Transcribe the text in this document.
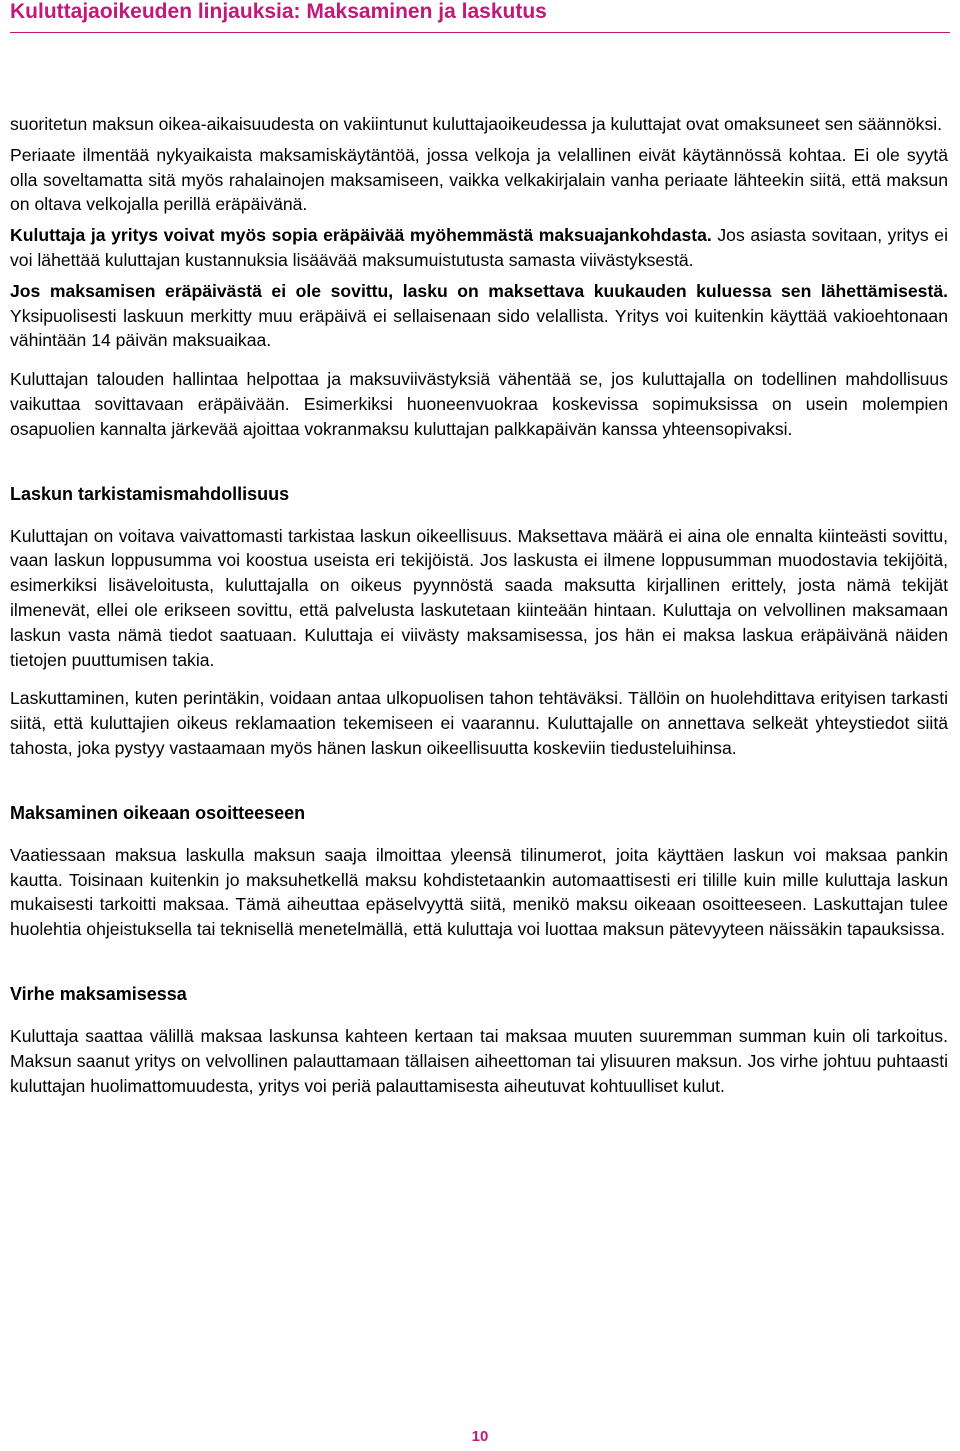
Kuluttajaoikeuden linjauksia: Maksaminen ja laskutus

suoritetun maksun oikea-aikaisuudesta on vakiintunut kuluttajaoikeudessa ja kuluttajat ovat omaksuneet sen säännöksi.

Periaate ilmentää nykyaikaista maksamiskäytäntöä, jossa velkoja ja velallinen eivät käytännössä kohtaa. Ei ole syytä olla soveltamatta sitä myös rahalainojen maksamiseen, vaikka velkakirjalain vanha periaate lähteekin siitä, että maksun on oltava velkojalla perillä eräpäivänä.

Kuluttaja ja yritys voivat myös sopia eräpäivää myöhemmästä maksuajankohdasta. Jos asiasta sovitaan, yritys ei voi lähettää kuluttajan kustannuksia lisäävää maksumuistutusta samasta viivästyksestä.

Jos maksamisen eräpäivästä ei ole sovittu, lasku on maksettava kuukauden kuluessa sen lähettämisestä. Yksipuolisesti laskuun merkitty muu eräpäivä ei sellaisenaan sido velallista. Yritys voi kuitenkin käyttää vakioehtonaan vähintään 14 päivän maksuaikaa.

Kuluttajan talouden hallintaa helpottaa ja maksuviivästyksiä vähentää se, jos kuluttajalla on todellinen mahdollisuus vaikuttaa sovittavaan eräpäivään. Esimerkiksi huoneenvuokraa koskevissa sopimuksissa on usein molempien osapuolien kannalta järkevää ajoittaa vokranmaksu kuluttajan palkkapäivän kanssa yhteensopivaksi.

Laskun tarkistamismahdollisuus

Kuluttajan on voitava vaivattomasti tarkistaa laskun oikeellisuus. Maksettava määrä ei aina ole ennalta kiinteästi sovittu, vaan laskun loppusumma voi koostua useista eri tekijöistä. Jos laskusta ei ilmene loppusumman muodostavia tekijöitä, esimerkiksi lisäveloitusta, kuluttajalla on oikeus pyynnöstä saada maksutta kirjallinen erittely, josta nämä tekijät ilmenevät, ellei ole erikseen sovittu, että palvelusta laskutetaan kiinteään hintaan. Kuluttaja on velvollinen maksamaan laskun vasta nämä tiedot saatuaan. Kuluttaja ei viivästy maksamisessa, jos hän ei maksa laskua eräpäivänä näiden tietojen puuttumisen takia.

Laskuttaminen, kuten perintäkin, voidaan antaa ulkopuolisen tahon tehtäväksi. Tällöin on huolehdittava erityisen tarkasti siitä, että kuluttajien oikeus reklamaation tekemiseen ei vaarannu. Kuluttajalle on annettava selkeät yhteystiedot siitä tahosta, joka pystyy vastaamaan myös hänen laskun oikeellisuutta koskeviin tiedusteluihinsa.

Maksaminen oikeaan osoitteeseen

Vaatiessaan maksua laskulla maksun saaja ilmoittaa yleensä tilinumerot, joita käyttäen laskun voi maksaa pankin kautta. Toisinaan kuitenkin jo maksuhetkellä maksu kohdistetaankin automaattisesti eri tilille kuin mille kuluttaja laskun mukaisesti tarkoitti maksaa. Tämä aiheuttaa epäselvyyttä siitä, menikö maksu oikeaan osoitteeseen. Laskuttajan tulee huolehtia ohjeistuksella tai teknisellä menetelmällä, että kuluttaja voi luottaa maksun pätevyyteen näissäkin tapauksissa.

Virhe maksamisessa

Kuluttaja saattaa välillä maksaa laskunsa kahteen kertaan tai maksaa muuten suuremman summan kuin oli tarkoitus. Maksun saanut yritys on velvollinen palauttamaan tällaisen aiheettoman tai ylisuuren maksun. Jos virhe johtuu puhtaasti kuluttajan huolimattomuudesta, yritys voi periä palauttamisesta aiheutuvat kohtuulliset kulut.

10
